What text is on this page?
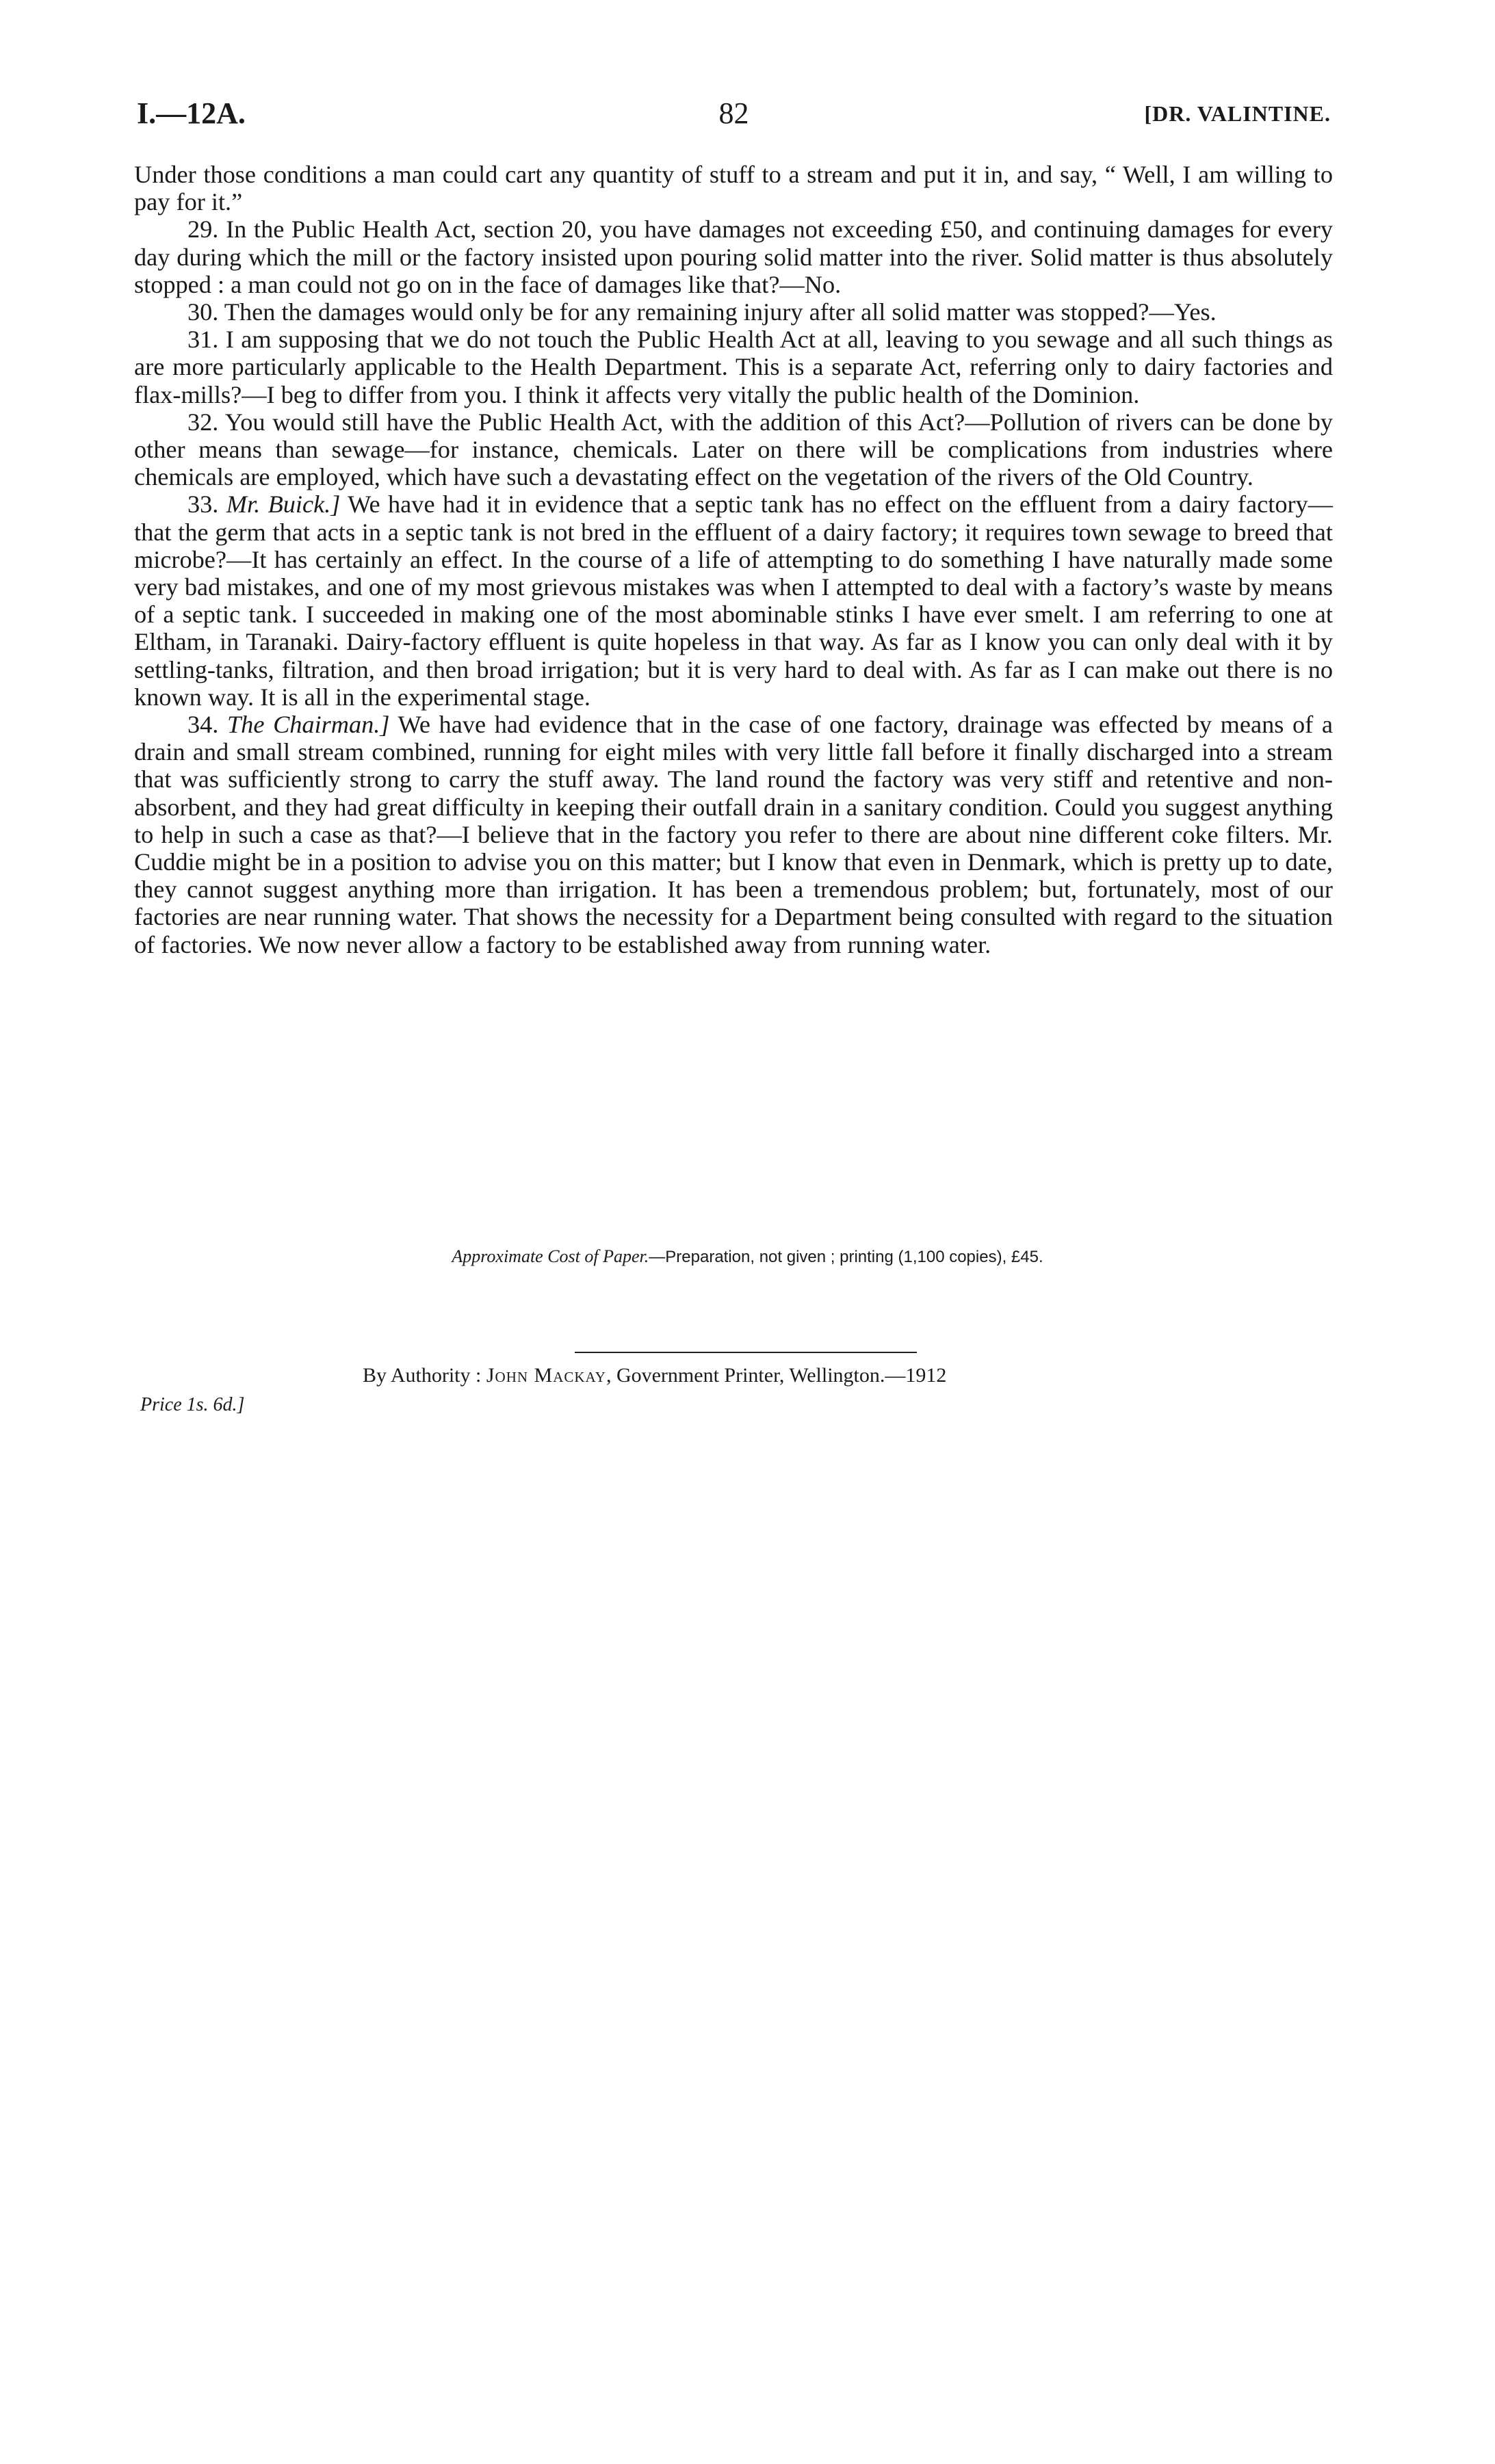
I.—12A.	82	[DR. VALINTINE.

Under those conditions a man could cart any quantity of stuff to a stream and put it in, and say, “ Well, I am willing to pay for it.”

29. In the Public Health Act, section 20, you have damages not exceeding £50, and continuing damages for every day during which the mill or the factory insisted upon pouring solid matter into the river. Solid matter is thus absolutely stopped : a man could not go on in the face of damages like that?—No.

30. Then the damages would only be for any remaining injury after all solid matter was stopped?—Yes.

31. I am supposing that we do not touch the Public Health Act at all, leaving to you sewage and all such things as are more particularly applicable to the Health Department. This is a separate Act, referring only to dairy factories and flax-mills?—I beg to differ from you. I think it affects very vitally the public health of the Dominion.

32. You would still have the Public Health Act, with the addition of this Act?—Pollution of rivers can be done by other means than sewage—for instance, chemicals. Later on there will be complications from industries where chemicals are employed, which have such a devastating effect on the vegetation of the rivers of the Old Country.

33. Mr. Buick.] We have had it in evidence that a septic tank has no effect on the effluent from a dairy factory—that the germ that acts in a septic tank is not bred in the effluent of a dairy factory; it requires town sewage to breed that microbe?—It has certainly an effect. In the course of a life of attempting to do something I have naturally made some very bad mistakes, and one of my most grievous mistakes was when I attempted to deal with a factory’s waste by means of a septic tank. I succeeded in making one of the most abominable stinks I have ever smelt. I am referring to one at Eltham, in Taranaki. Dairy-factory effluent is quite hopeless in that way. As far as I know you can only deal with it by settling-tanks, filtration, and then broad irrigation; but it is very hard to deal with. As far as I can make out there is no known way. It is all in the experimental stage.

34. The Chairman.] We have had evidence that in the case of one factory, drainage was effected by means of a drain and small stream combined, running for eight miles with very little fall before it finally discharged into a stream that was sufficiently strong to carry the stuff away. The land round the factory was very stiff and retentive and non-absorbent, and they had great difficulty in keeping their outfall drain in a sanitary condition. Could you suggest anything to help in such a case as that?—I believe that in the factory you refer to there are about nine different coke filters. Mr. Cuddie might be in a position to advise you on this matter; but I know that even in Denmark, which is pretty up to date, they cannot suggest anything more than irrigation. It has been a tremendous problem; but, fortunately, most of our factories are near running water. That shows the necessity for a Department being consulted with regard to the situation of factories. We now never allow a factory to be established away from running water.

Approximate Cost of Paper.—Preparation, not given ; printing (1,100 copies), £45.
By Authority : John Mackay, Government Printer, Wellington.—1912
Price 1s. 6d.]
